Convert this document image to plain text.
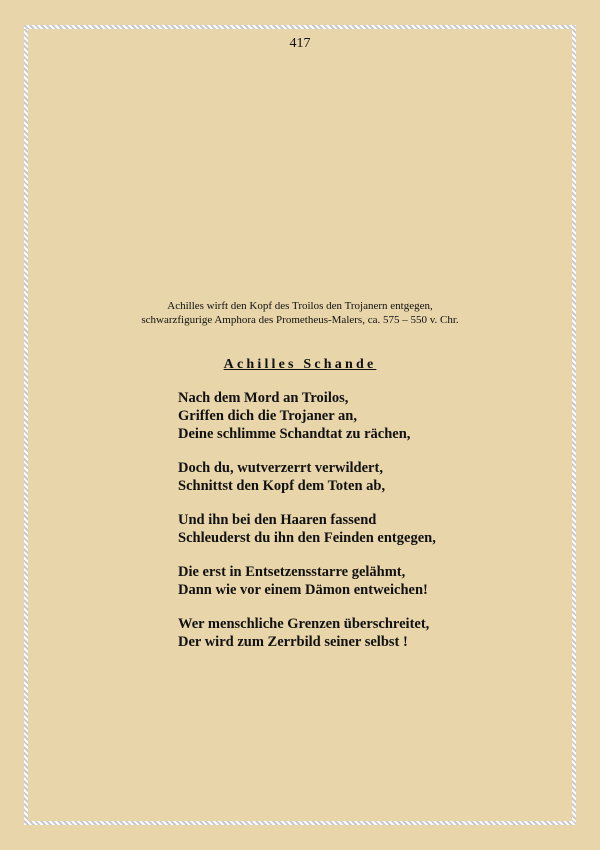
417
Achilles wirft den Kopf des Troilos den Trojanern entgegen,
schwarzfigurige Amphora des Prometheus-Malers, ca. 575 – 550 v. Chr.
Achilles Schande
Nach dem Mord an Troilos,
Griffen dich die Trojaner an,
Deine schlimme Schandtat zu rächen,
Doch du, wutverzerrt verwildert,
Schnittst den Kopf dem Toten ab,
Und ihn bei den Haaren fassend
Schleuderst du ihn den Feinden entgegen,
Die erst in Entsetzensstarre gelähmt,
Dann wie vor einem Dämon entweichen!
Wer menschliche Grenzen überschreitet,
Der wird zum Zerrbild seiner selbst !
